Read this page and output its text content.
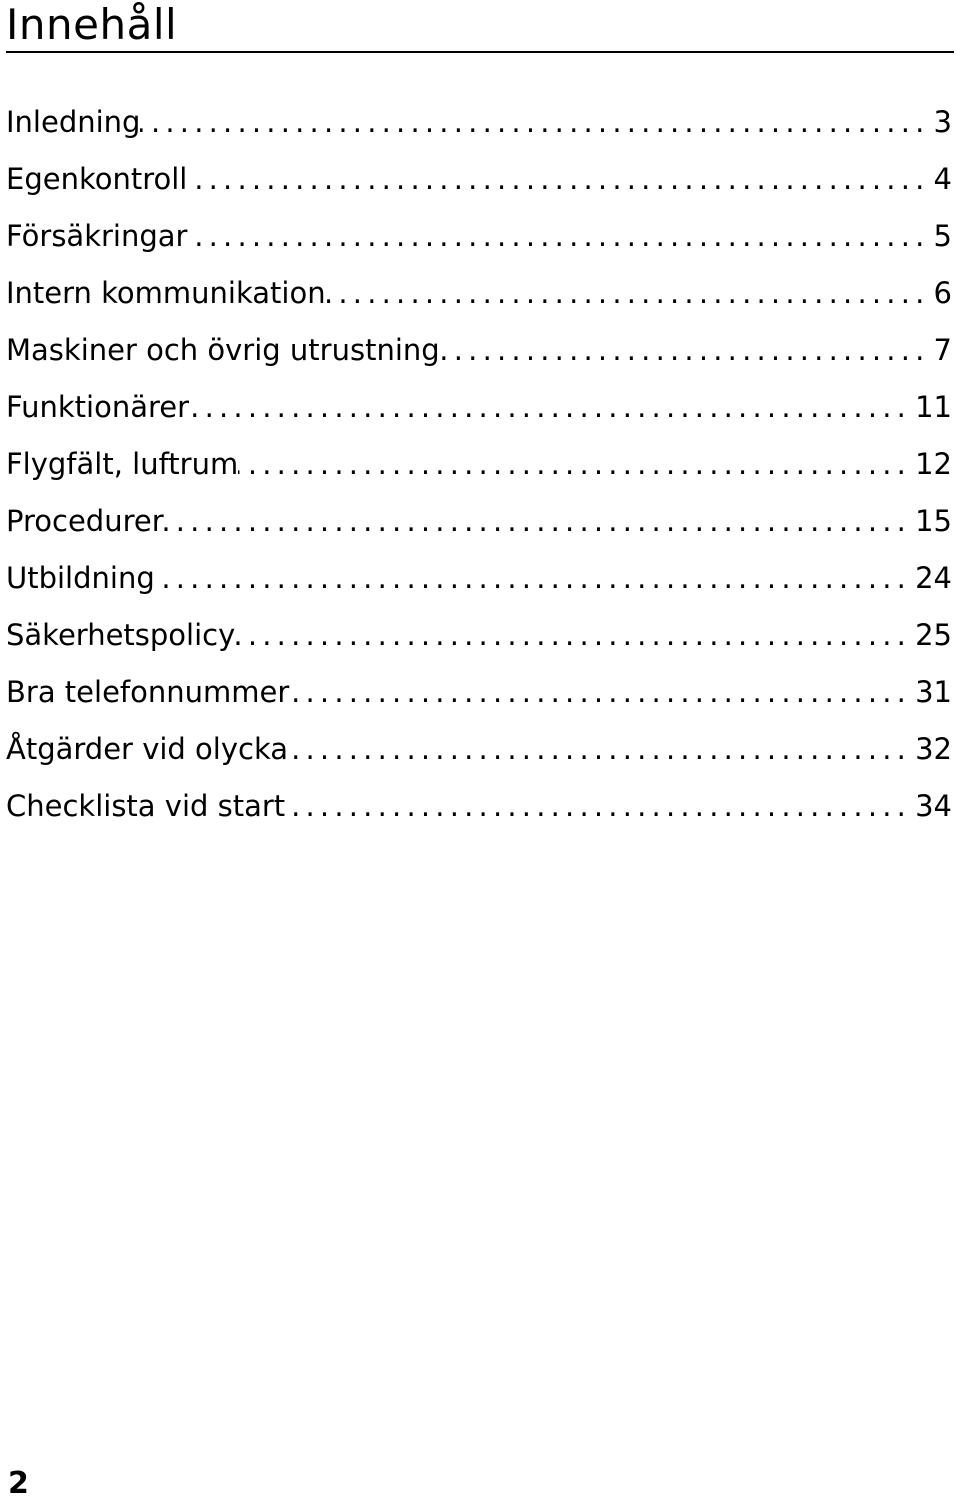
Innehåll
Inledning .....	3
Egenkontroll .....	4
Försäkringar .....	5
Intern kommunikation .....	6
Maskiner och övrig utrustning .....	7
Funktionärer .....	11
Flygfält, luftrum .....	12
Procedurer .....	15
Utbildning .....	24
Säkerhetspolicy .....	25
Bra telefonnummer .....	31
Åtgärder vid olycka .....	32
Checklista vid start .....	34
2
